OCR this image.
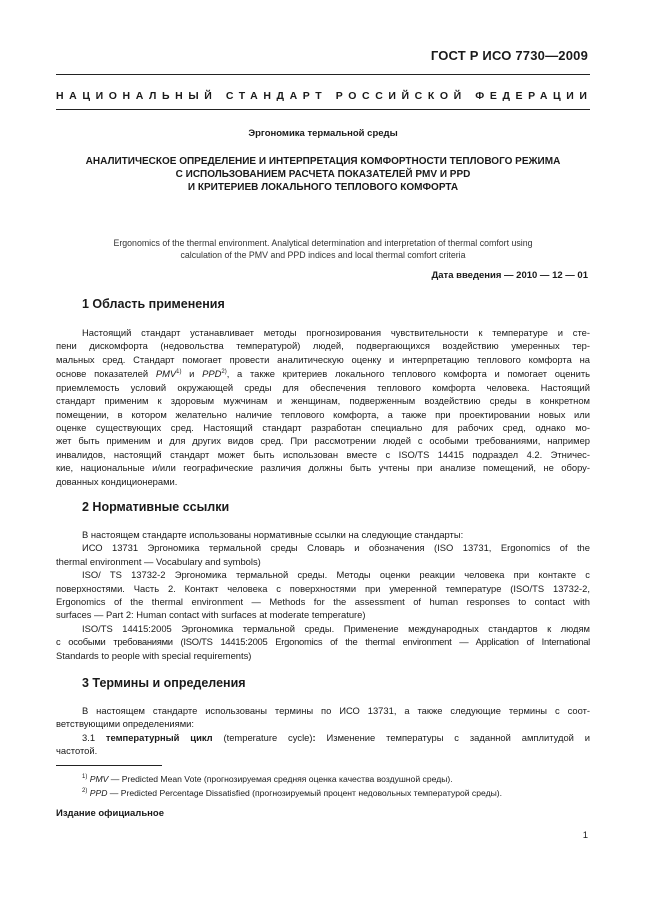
ГОСТ Р ИСО 7730—2009
НАЦИОНАЛЬНЫЙ СТАНДАРТ РОССИЙСКОЙ ФЕДЕРАЦИИ
Эргономика термальной среды
АНАЛИТИЧЕСКОЕ ОПРЕДЕЛЕНИЕ И ИНТЕРПРЕТАЦИЯ КОМФОРТНОСТИ ТЕПЛОВОГО РЕЖИМА
С ИСПОЛЬЗОВАНИЕМ РАСЧЕТА ПОКАЗАТЕЛЕЙ PMV И PPD
И КРИТЕРИЕВ ЛОКАЛЬНОГО ТЕПЛОВОГО КОМФОРТА
Ergonomics of the thermal environment. Analytical determination and interpretation of thermal comfort using
calculation of the PMV and PPD indices and local thermal comfort criteria
Дата введения — 2010 — 12 — 01
1 Область применения
Настоящий стандарт устанавливает методы прогнозирования чувствительности к температуре и сте-
пени дискомфорта (недовольства температурой) людей, подвергающихся воздействию умеренных тер-
мальных сред. Стандарт помогает провести аналитическую оценку и интерпретацию теплового комфорта на
основе показателей PMV$^{1)}$ и PPD$^{2)}$, а также критериев локального теплового комфорта и помогает оценить
приемлемость условий окружающей среды для обеспечения теплового комфорта человека. Настоящий
стандарт применим к здоровым мужчинам и женщинам, подверженным воздействию среды в конкретном
помещении, в котором желательно наличие теплового комфорта, а также при проектировании новых или
оценке существующих сред. Настоящий стандарт разработан специально для рабочих сред, однако мо-
жет быть применим и для других видов сред. При рассмотрении людей с особыми требованиями, например
инвалидов, настоящий стандарт может быть использован вместе с ISO/TS 14415 подраздел 4.2. Этничес-
кие, национальные и/или географические различия должны быть учтены при анализе помещений, не обору-
дованных кондиционерами.
2 Нормативные ссылки
В настоящем стандарте использованы нормативные ссылки на следующие стандарты:
ИСО 13731 Эргономика термальной среды Словарь и обозначения (ISO 13731, Ergonomics of the
thermal environment — Vocabulary and symbols)
ISO/ TS 13732-2 Эргономика термальной среды. Методы оценки реакции человека при контакте с
поверхностями. Часть 2. Контакт человека с поверхностями при умеренной температуре (ISO/TS 13732-2,
Ergonomics of the thermal environment — Methods for the assessment of human responses to contact with
surfaces — Part 2: Human contact with surfaces at moderate temperature)
ISO/TS 14415:2005 Эргономика термальной среды. Применение международных стандартов к людям
с особыми требованиями (ISO/TS 14415:2005 Ergonomics of the thermal environment — Application of International
Standards to people with special requirements)
3 Термины и определения
В настоящем стандарте использованы термины по ИСО 13731, а также следующие термины с соот-
ветствующими определениями:
3.1 температурный цикл (temperature cycle): Изменение температуры с заданной амплитудой и
частотой.
$^{1)}$ PMV — Predicted Mean Vote (прогнозируемая средняя оценка качества воздушной среды).
$^{2)}$ PPD — Predicted Percentage Dissatisfied (прогнозируемый процент недовольных температурой среды).
Издание официальное
1
